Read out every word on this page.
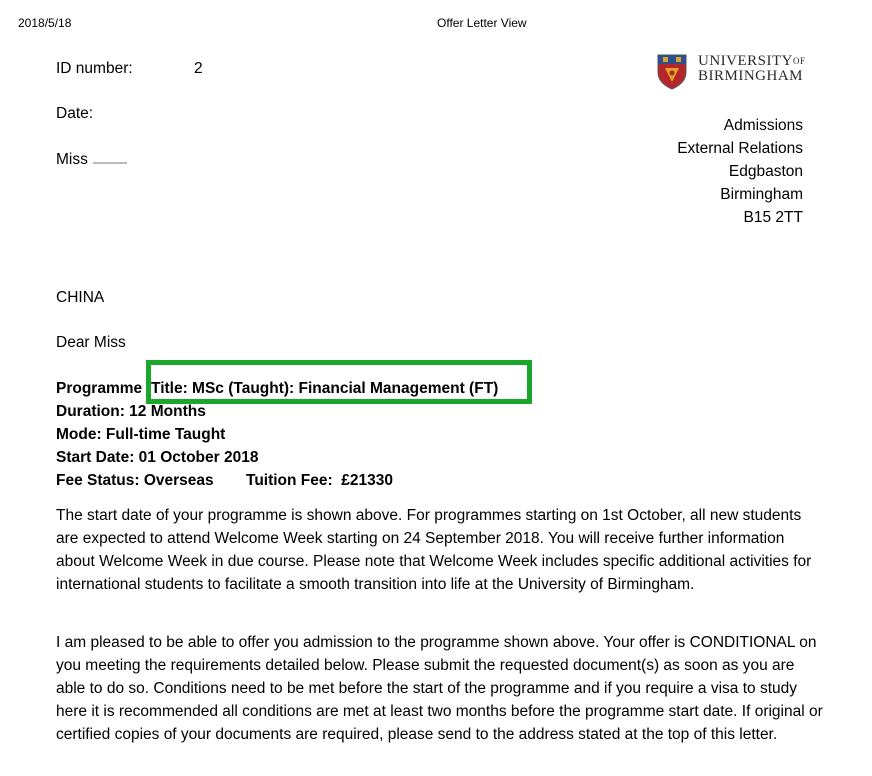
2018/5/18	Offer Letter View
ID number:	2
Date:
Miss
$UNIVERSITY^{OF}$
BIRMINGHAM
Admissions
External Relations
Edgbaston
Birmingham
B15 2TT
CHINA
Dear Miss
Programme Title: MSc (Taught): Financial Management (FT)
Duration: 12 Months
Mode: Full-time Taught
Start Date: 01 October 2018
Fee Status: Overseas Tuition Fee:  £21330
The start date of your programme is shown above. For programmes starting on 1st October, all new students are expected to attend Welcome Week starting on 24 September 2018. You will receive further information about Welcome Week in due course. Please note that Welcome Week includes specific additional activities for international students to facilitate a smooth transition into life at the University of Birmingham.
I am pleased to be able to offer you admission to the programme shown above. Your offer is CONDITIONAL on you meeting the requirements detailed below. Please submit the requested document(s) as soon as you are able to do so. Conditions need to be met before the start of the programme and if you require a visa to study here it is recommended all conditions are met at least two months before the programme start date. If original or certified copies of your documents are required, please send to the address stated at the top of this letter.
